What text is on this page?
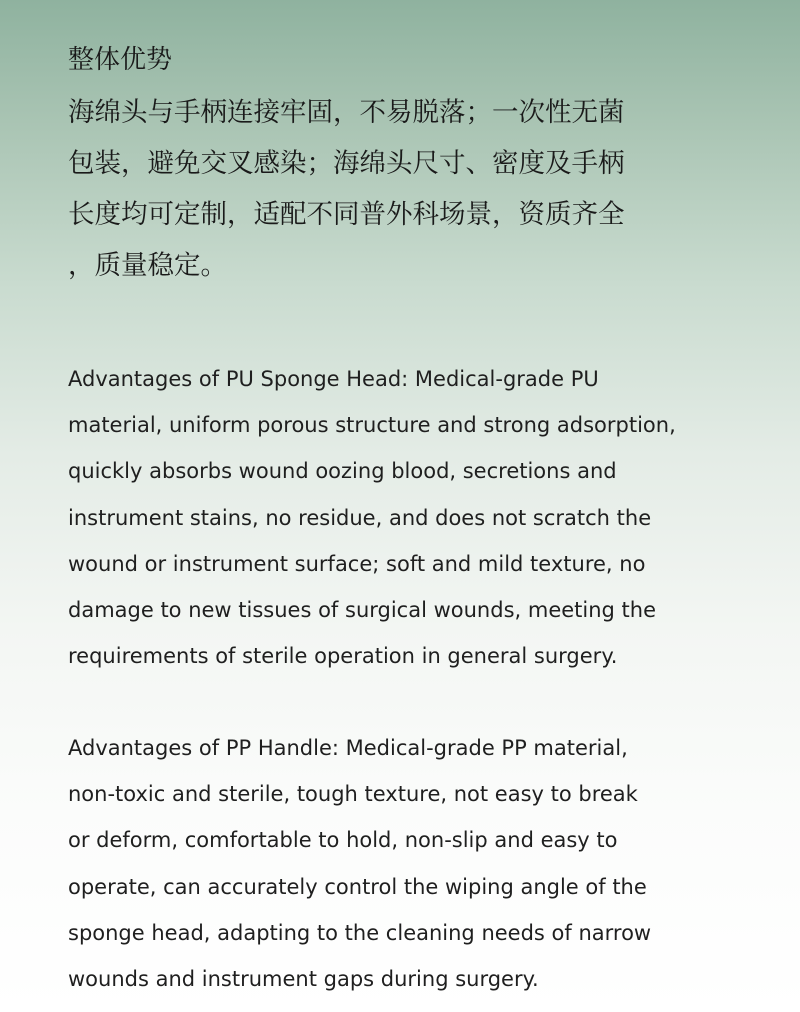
整体优势

海绵头与手柄连接牢固，不易脱落；一次性无菌
包装，避免交叉感染；海绵头尺寸、密度及手柄
长度均可定制，适配不同普外科场景，资质齐全
，质量稳定。

Advantages of PU Sponge Head: Medical-grade PU
material, uniform porous structure and strong adsorption,
quickly absorbs wound oozing blood, secretions and
instrument stains, no residue, and does not scratch the
wound or instrument surface; soft and mild texture, no
damage to new tissues of surgical wounds, meeting the
requirements of sterile operation in general surgery.

Advantages of PP Handle: Medical-grade PP material,
non-toxic and sterile, tough texture, not easy to break
or deform, comfortable to hold, non-slip and easy to
operate, can accurately control the wiping angle of the
sponge head, adapting to the cleaning needs of narrow
wounds and instrument gaps during surgery.
